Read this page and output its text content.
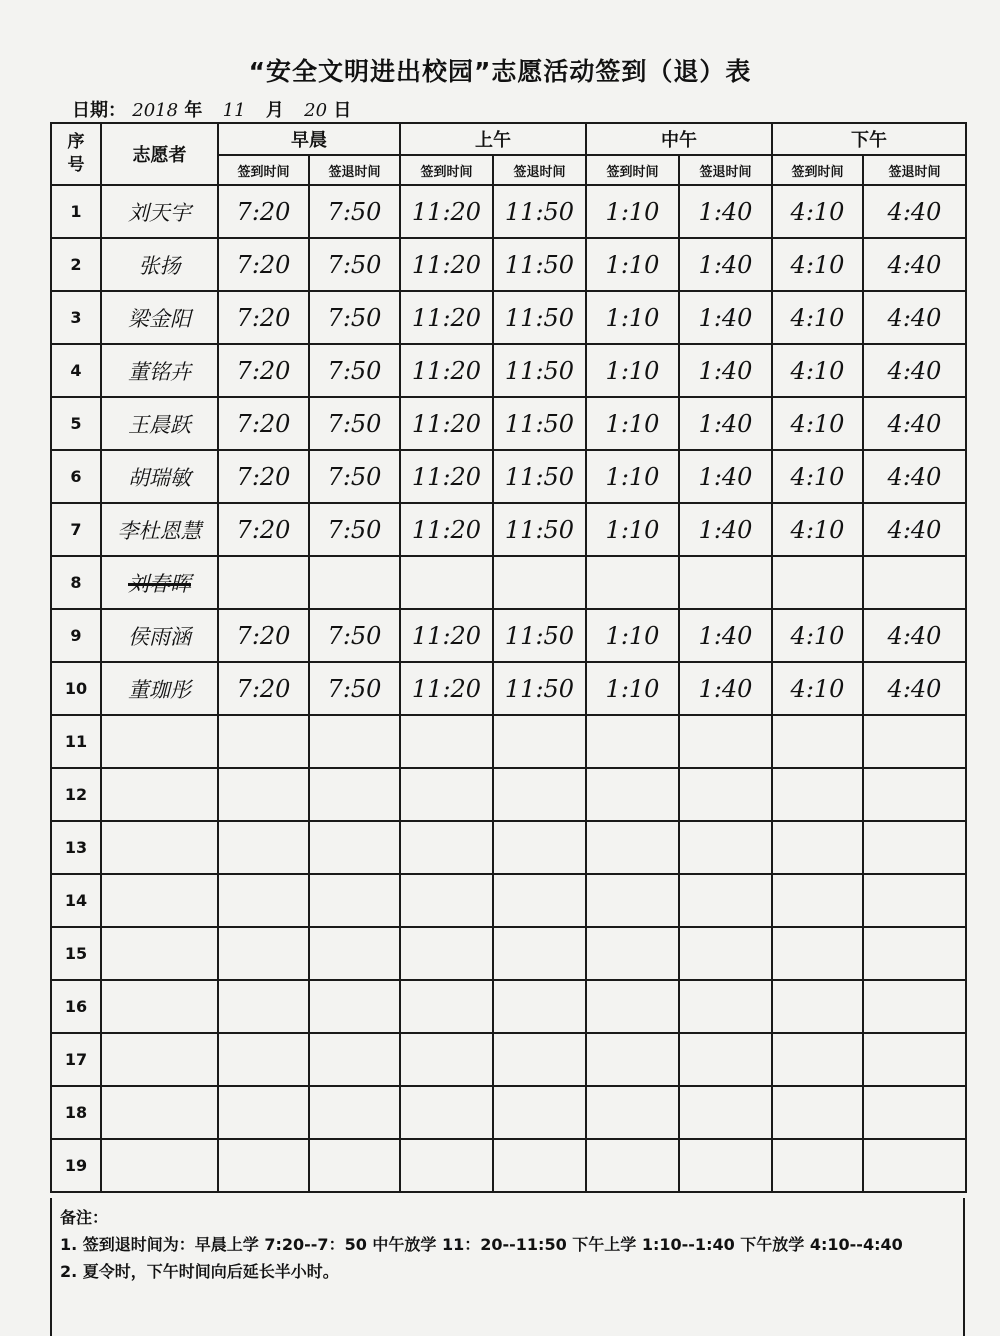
“安全文明进出校园”志愿活动签到（退）表
日期： 2018 年 11 月 20 日
序号	志愿者	早晨		上午		中午		下午	
		签到时间	签退时间	签到时间	签退时间	签到时间	签退时间	签到时间	签退时间
1	刘天宇	7:20	7:50	11:20	11:50	1:10	1:40	4:10	4:40
2	张扬	7:20	7:50	11:20	11:50	1:10	1:40	4:10	4:40
3	梁金阳	7:20	7:50	11:20	11:50	1:10	1:40	4:10	4:40
4	董铭卉	7:20	7:50	11:20	11:50	1:10	1:40	4:10	4:40
5	王晨跃	7:20	7:50	11:20	11:50	1:10	1:40	4:10	4:40
6	胡瑞敏	7:20	7:50	11:20	11:50	1:10	1:40	4:10	4:40
7	李杜恩慧	7:20	7:50	11:20	11:50	1:10	1:40	4:10	4:40
8	刘春晖								
9	侯雨涵	7:20	7:50	11:20	11:50	1:10	1:40	4:10	4:40
10	董珈彤	7:20	7:50	11:20	11:50	1:10	1:40	4:10	4:40
11									
12									
13									
14									
15									
16									
17									
18									
19									

备注：

1. 签到退时间为：早晨上学 7:20--7：50 中午放学 11：20--11:50 下午上学 1:10--1:40 下午放学 4:10--4:40

2. 夏令时，下午时间向后延长半小时。
